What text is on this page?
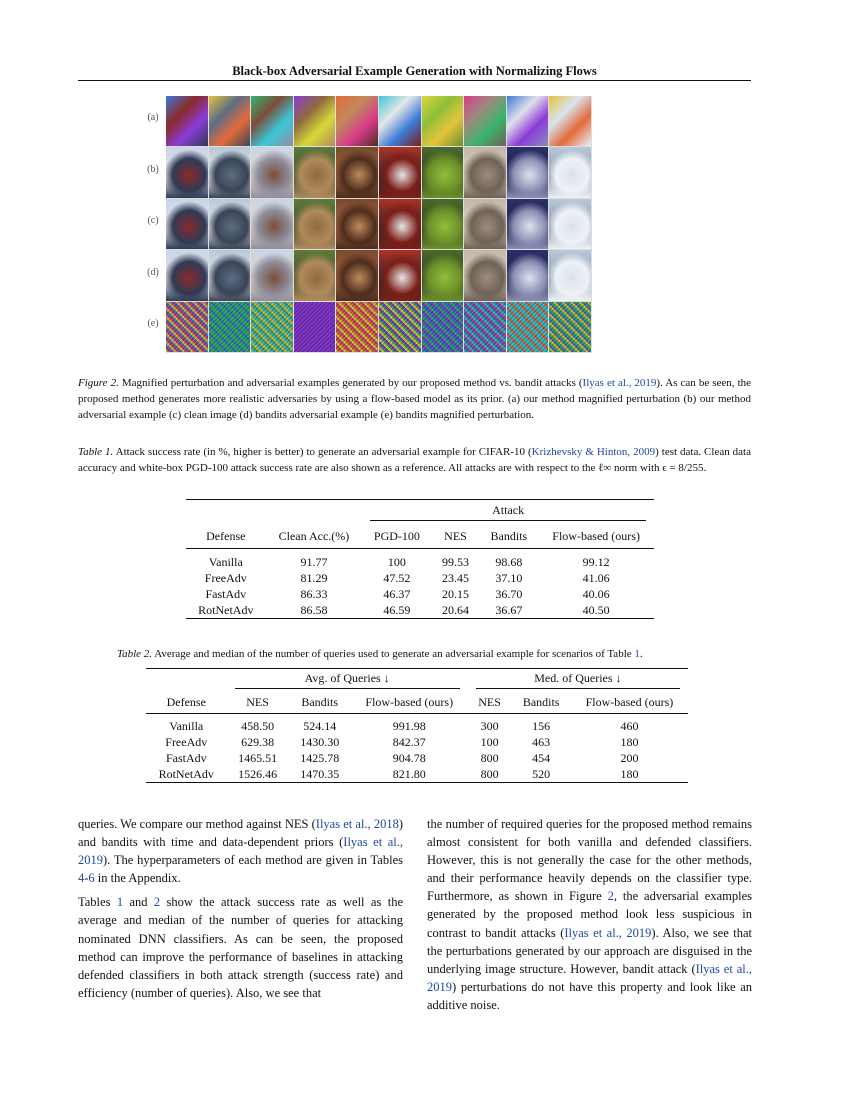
Black-box Adversarial Example Generation with Normalizing Flows
(a)
(b)
(c)
(d)
(e)
Figure 2. Magnified perturbation and adversarial examples generated by our proposed method vs. bandit attacks (Ilyas et al., 2019). As can be seen, the proposed method generates more realistic adversaries by using a flow-based model as its prior. (a) our method magnified perturbation (b) our method adversarial example (c) clean image (d) bandits adversarial example (e) bandits magnified perturbation.
Table 1. Attack success rate (in %, higher is better) to generate an adversarial example for CIFAR-10 (Krizhevsky & Hinton, 2009) test data. Clean data accuracy and white-box PGD-100 attack success rate are also shown as a reference. All attacks are with respect to the ℓ∞ norm with ϵ = 8/255.

		Attack			

Defense	Clean Acc.(%)	PGD-100	NES	Bandits	Flow-based (ours)
Vanilla	91.77	100	99.53	98.68	99.12
FreeAdv	81.29	47.52	23.45	37.10	41.06
FastAdv	86.33	46.37	20.15	36.70	40.06
RotNetAdv	86.58	46.59	20.64	36.67	40.50
Table 2. Average and median of the number of queries used to generate an adversarial example for scenarios of Table 1.

	Avg. of Queries ↓			Med. of Queries ↓		

Defense	NES	Bandits	Flow-based (ours)	NES	Bandits	Flow-based (ours)
Vanilla	458.50	524.14	991.98	300	156	460
FreeAdv	629.38	1430.30	842.37	100	463	180
FastAdv	1465.51	1425.78	904.78	800	454	200
RotNetAdv	1526.46	1470.35	821.80	800	520	180

queries. We compare our method against NES (Ilyas et al., 2018) and bandits with time and data-dependent priors (Ilyas et al., 2019). The hyperparameters of each method are given in Tables 4-6 in the Appendix.

Tables 1 and 2 show the attack success rate as well as the average and median of the number of queries for attacking nominated DNN classifiers. As can be seen, the proposed method can improve the performance of baselines in attacking defended classifiers in both attack strength (success rate) and efficiency (number of queries). Also, we see that

the number of required queries for the proposed method remains almost consistent for both vanilla and defended classifiers. However, this is not generally the case for the other methods, and their performance heavily depends on the classifier type. Furthermore, as shown in Figure 2, the adversarial examples generated by the proposed method look less suspicious in contrast to bandit attacks (Ilyas et al., 2019). Also, we see that the perturbations generated by our approach are disguised in the underlying image structure. However, bandit attack (Ilyas et al., 2019) perturbations do not have this property and look like an additive noise.
